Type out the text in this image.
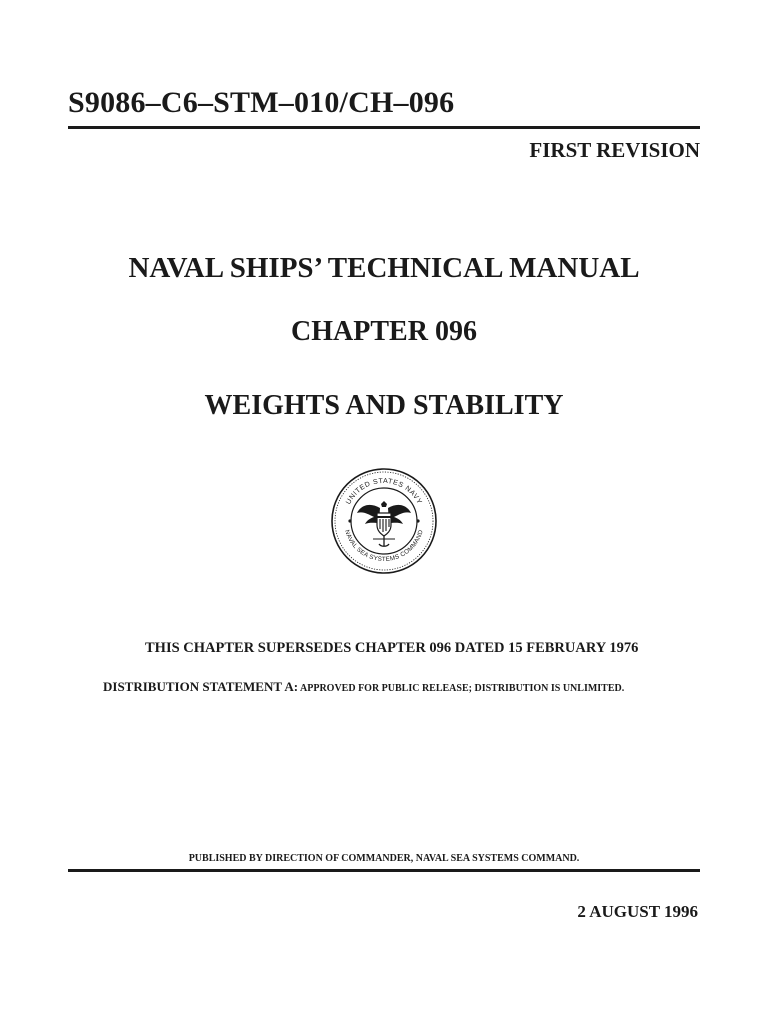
S9086–C6–STM–010/CH–096
FIRST REVISION
NAVAL SHIPS’ TECHNICAL MANUAL
CHAPTER 096
WEIGHTS AND STABILITY
UNITED STATES NAVY
NAVAL SEA SYSTEMS COMMAND
THIS CHAPTER SUPERSEDES CHAPTER 096 DATED 15 FEBRUARY 1976
DISTRIBUTION STATEMENT A: APPROVED FOR PUBLIC RELEASE; DISTRIBUTION IS UNLIMITED.
PUBLISHED BY DIRECTION OF COMMANDER, NAVAL SEA SYSTEMS COMMAND.
2 AUGUST 1996
